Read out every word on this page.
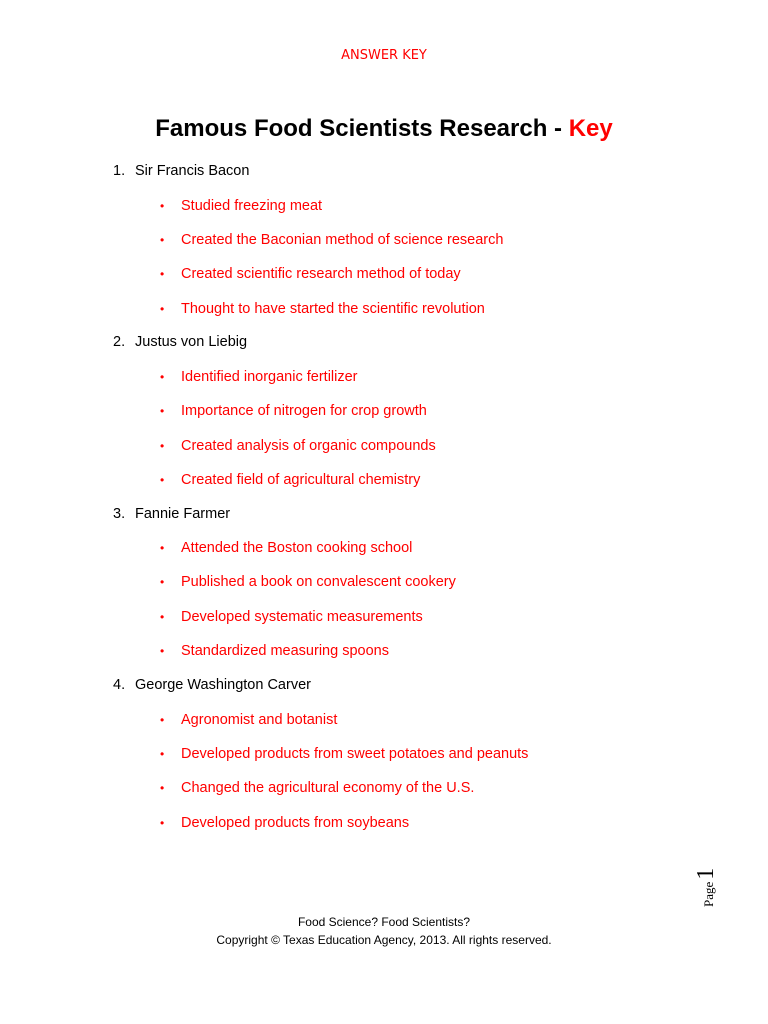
ANSWER KEY
Famous Food Scientists Research - Key
1. Sir Francis Bacon
• Studied freezing meat
• Created the Baconian method of science research
• Created scientific research method of today
• Thought to have started the scientific revolution
2. Justus von Liebig
• Identified inorganic fertilizer
• Importance of nitrogen for crop growth
• Created analysis of organic compounds
• Created field of agricultural chemistry
3. Fannie Farmer
• Attended the Boston cooking school
• Published a book on convalescent cookery
• Developed systematic measurements
• Standardized measuring spoons
4. George Washington Carver
• Agronomist and botanist
• Developed products from sweet potatoes and peanuts
• Changed the agricultural economy of the U.S.
• Developed products from soybeans
Page
1
Food Science? Food Scientists?
Copyright © Texas Education Agency, 2013. All rights reserved.
